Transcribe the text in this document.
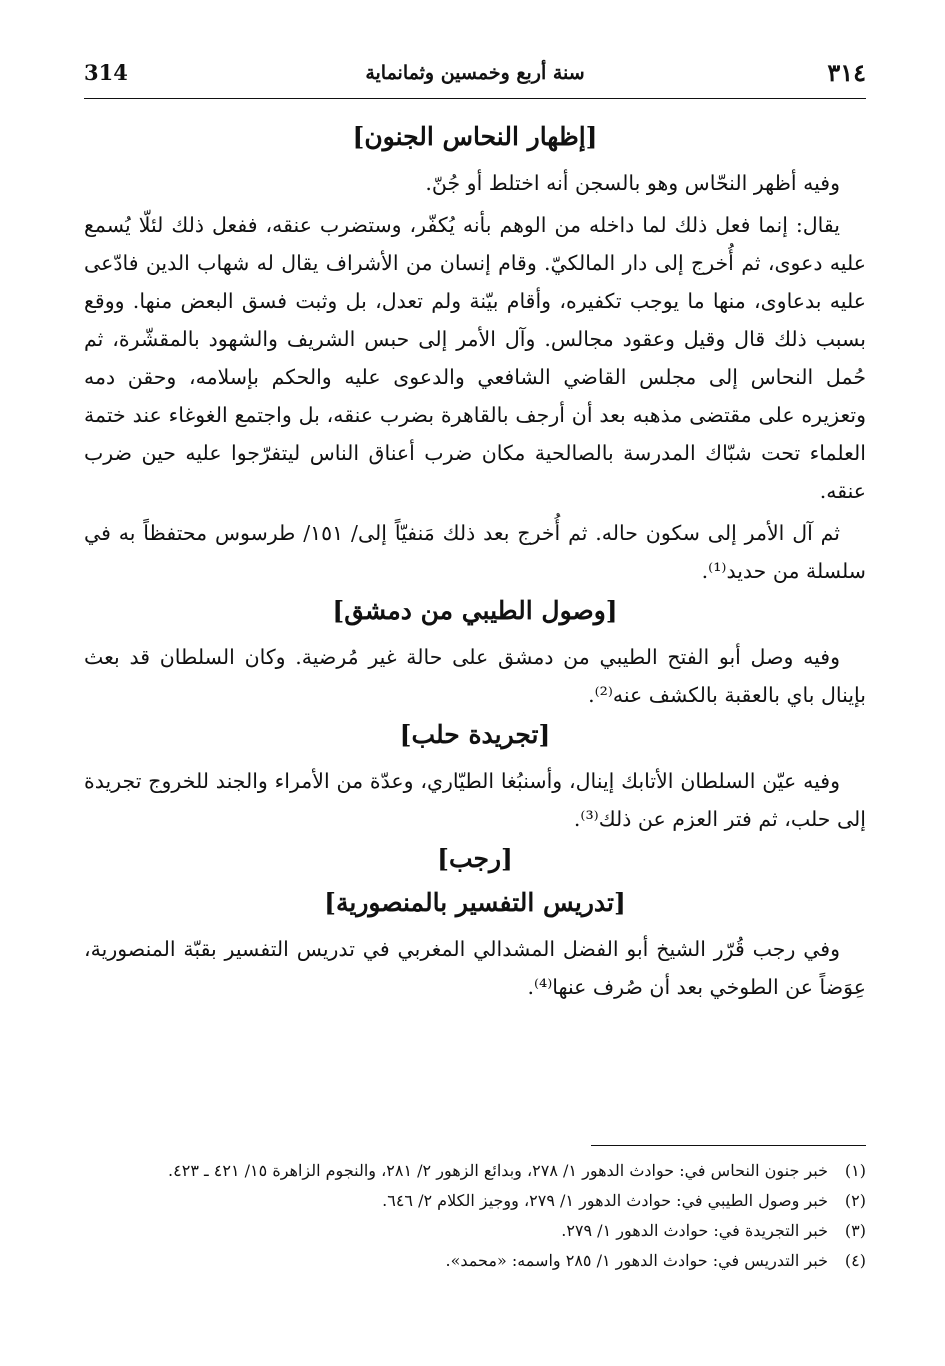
314	سنة أربع وخمسين وثمانماية	٣١٤
[إظهار النحاس الجنون]

وفيه أظهر النحّاس وهو بالسجن أنه اختلط أو جُنّ.

يقال: إنما فعل ذلك لما داخله من الوهم بأنه يُكفّر، وستضرب عنقه، ففعل ذلك لئلّا يُسمع عليه دعوى، ثم أُخرج إلى دار المالكيّ. وقام إنسان من الأشراف يقال له شهاب الدين فادّعى عليه بدعاوى، منها ما يوجب تكفيره، وأقام بيّنة ولم تعدل، بل وثبت فسق البعض منها. ووقع بسبب ذلك قال وقيل وعقود مجالس. وآل الأمر إلى حبس الشريف والشهود بالمقشّرة، ثم حُمل النحاس إلى مجلس القاضي الشافعي والدعوى عليه والحكم بإسلامه، وحقن دمه وتعزيره على مقتضى مذهبه بعد أن أرجف بالقاهرة بضرب عنقه، بل واجتمع الغوغاء عند ختمة العلماء تحت شبّاك المدرسة بالصالحية مكان ضرب أعناق الناس ليتفرّجوا عليه حين ضرب عنقه.

ثم آل الأمر إلى سكون حاله. ثم أُخرج بعد ذلك مَنفيّاً إلى/ ١٥١/ طرسوس محتفظاً به في سلسلة من حديد⁽¹⁾.

[وصول الطيبي من دمشق]

وفيه وصل أبو الفتح الطيبي من دمشق على حالة غير مُرضية. وكان السلطان قد بعث بإينال باي بالعقبة بالكشف عنه⁽²⁾.

[تجريدة حلب]

وفيه عيّن السلطان الأتابك إينال، وأسنبُغا الطيّاري، وعدّة من الأمراء والجند للخروج تجريدة إلى حلب، ثم فتر العزم عن ذلك⁽³⁾.

[رجب]
[تدريس التفسير بالمنصورية]

وفي رجب قُرّر الشيخ أبو الفضل المشدالي المغربي في تدريس التفسير بقبّة المنصورية، عِوَضاً عن الطوخي بعد أن صُرف عنها⁽⁴⁾.

(١)
خبر جنون النحاس في: حوادث الدهور ١/ ٢٧٨، وبدائع الزهور ٢/ ٢٨١، والنجوم الزاهرة ١٥/ ٤٢١ ـ ٤٢٣.
(٢)
خبر وصول الطيبي في: حوادث الدهور ١/ ٢٧٩، ووجيز الكلام ٢/ ٦٤٦.
(٣)
خبر التجريدة في: حوادث الدهور ١/ ٢٧٩.
(٤)
خبر التدريس في: حوادث الدهور ١/ ٢٨٥ واسمه: «محمد».
